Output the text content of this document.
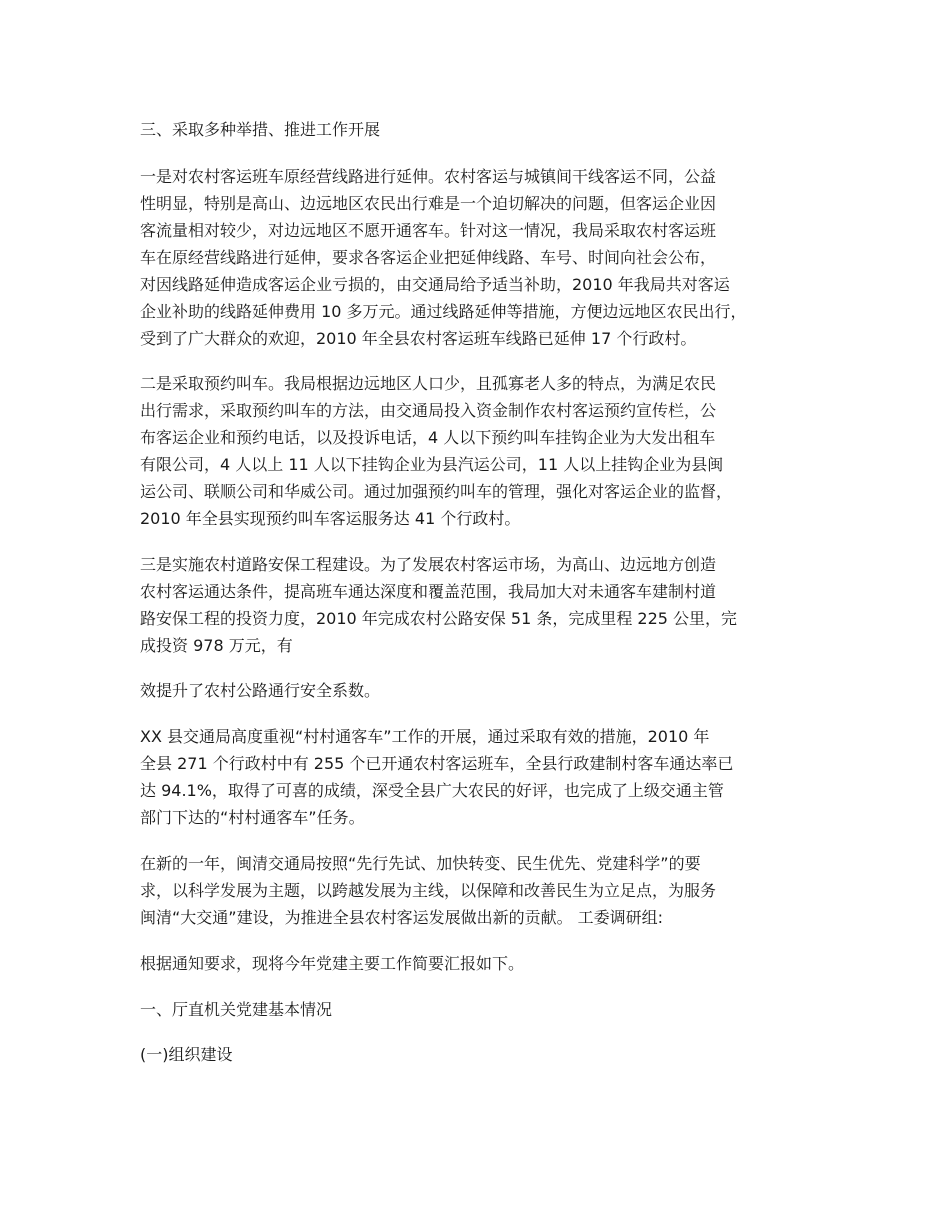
三、采取多种举措、推进工作开展
一是对农村客运班车原经营线路进行延伸。农村客运与城镇间干线客运不同，公益
性明显，特别是高山、边远地区农民出行难是一个迫切解决的问题，但客运企业因
客流量相对较少，对边远地区不愿开通客车。针对这一情况，我局采取农村客运班
车在原经营线路进行延伸，要求各客运企业把延伸线路、车号、时间向社会公布，
对因线路延伸造成客运企业亏损的，由交通局给予适当补助，2010 年我局共对客运
企业补助的线路延伸费用 10 多万元。通过线路延伸等措施，方便边远地区农民出行，
受到了广大群众的欢迎，2010 年全县农村客运班车线路已延伸 17 个行政村。
二是采取预约叫车。我局根据边远地区人口少，且孤寡老人多的特点，为满足农民
出行需求，采取预约叫车的方法，由交通局投入资金制作农村客运预约宣传栏，公
布客运企业和预约电话，以及投诉电话，4 人以下预约叫车挂钩企业为大发出租车
有限公司，4 人以上 11 人以下挂钩企业为县汽运公司，11 人以上挂钩企业为县闽
运公司、联顺公司和华威公司。通过加强预约叫车的管理，强化对客运企业的监督，
2010 年全县实现预约叫车客运服务达 41 个行政村。
三是实施农村道路安保工程建设。为了发展农村客运市场，为高山、边远地方创造
农村客运通达条件，提高班车通达深度和覆盖范围，我局加大对未通客车建制村道
路安保工程的投资力度，2010 年完成农村公路安保 51 条，完成里程 225 公里，完
成投资 978 万元，有
效提升了农村公路通行安全系数。
XX 县交通局高度重视“村村通客车”工作的开展，通过采取有效的措施，2010 年
全县 271 个行政村中有 255 个已开通农村客运班车，全县行政建制村客车通达率已
达 94.1%，取得了可喜的成绩，深受全县广大农民的好评，也完成了上级交通主管
部门下达的“村村通客车”任务。
在新的一年，闽清交通局按照“先行先试、加快转变、民生优先、党建科学”的要
求，以科学发展为主题，以跨越发展为主线，以保障和改善民生为立足点，为服务
闽清“大交通”建设，为推进全县农村客运发展做出新的贡献。 工委调研组:
根据通知要求，现将今年党建主要工作简要汇报如下。
一、厅直机关党建基本情况
(一)组织建设
